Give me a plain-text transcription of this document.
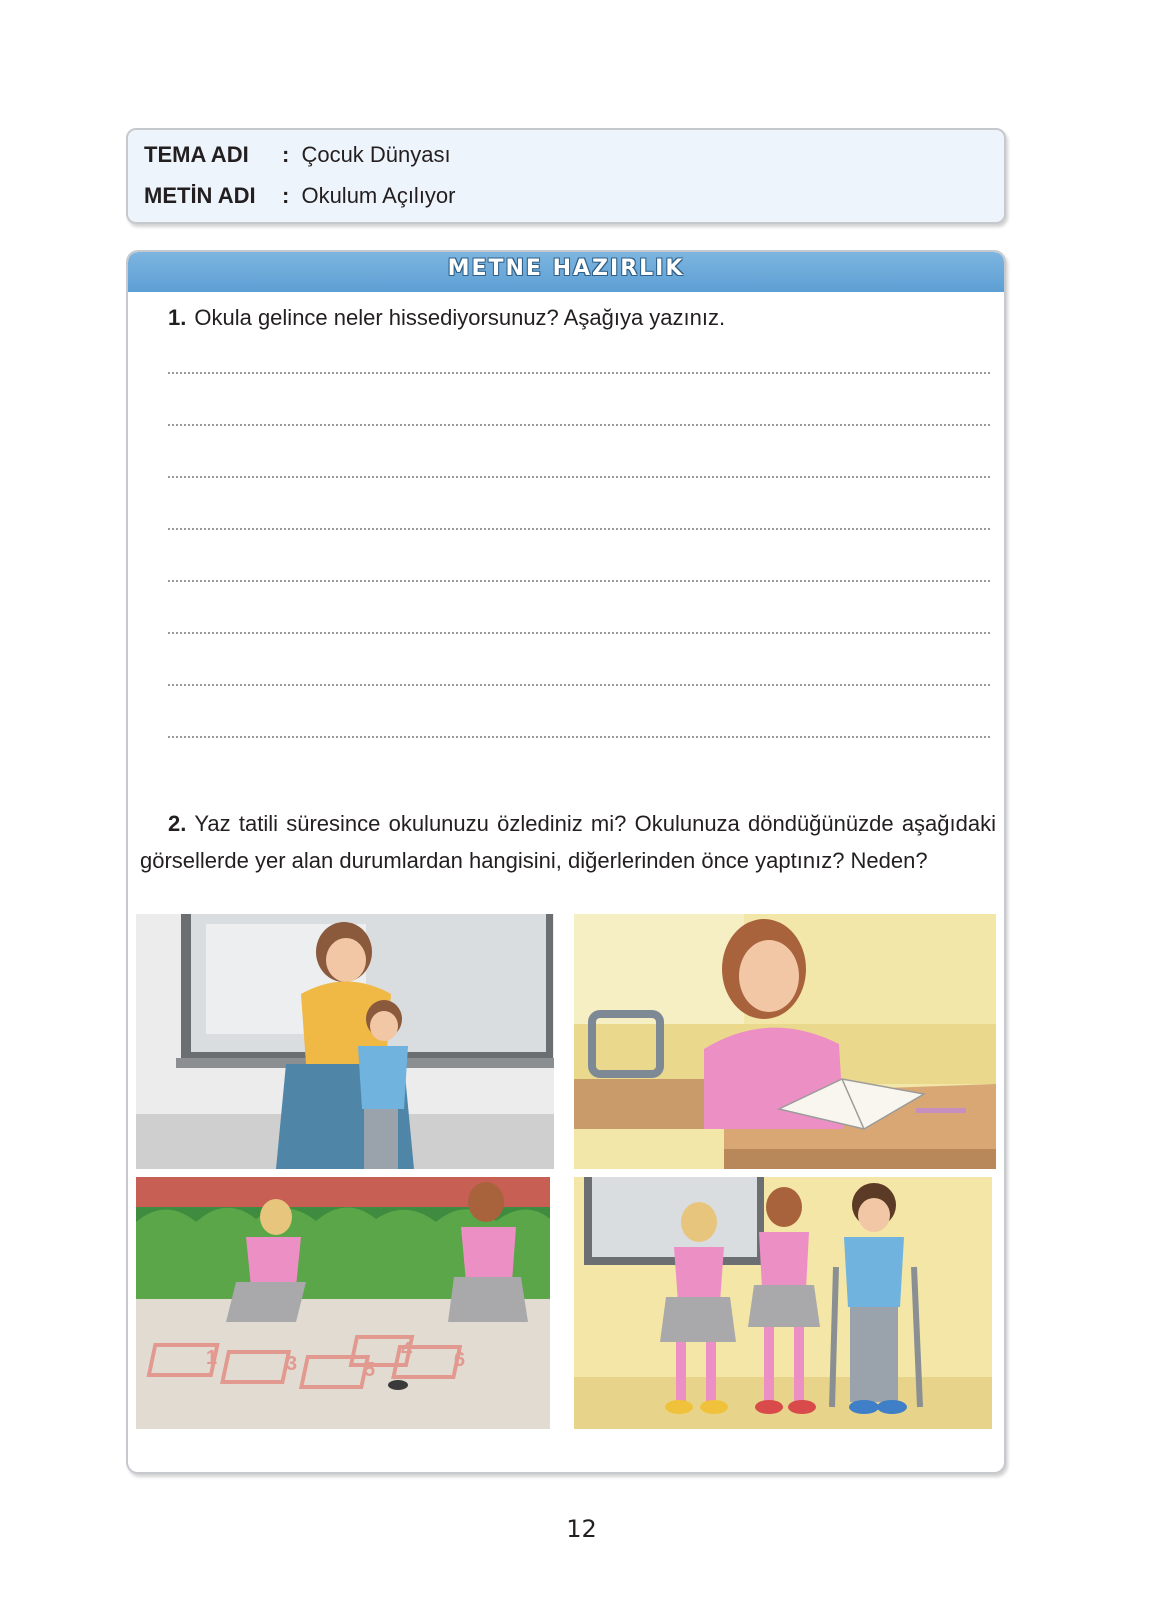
TEMA ADI : Çocuk Dünyası
METİN ADI : Okulum Açılıyor
METNE HAZIRLIK
1. Okula gelince neler hissediyorsunuz? Aşağıya yazınız.
2. Yaz tatili süresince okulunuzu özlediniz mi? Okulunuza döndüğünüzde aşağıdaki görsellerde yer alan durumlardan hangisini, diğerlerinden önce yaptınız? Neden?
1	3
4
5	6
12
